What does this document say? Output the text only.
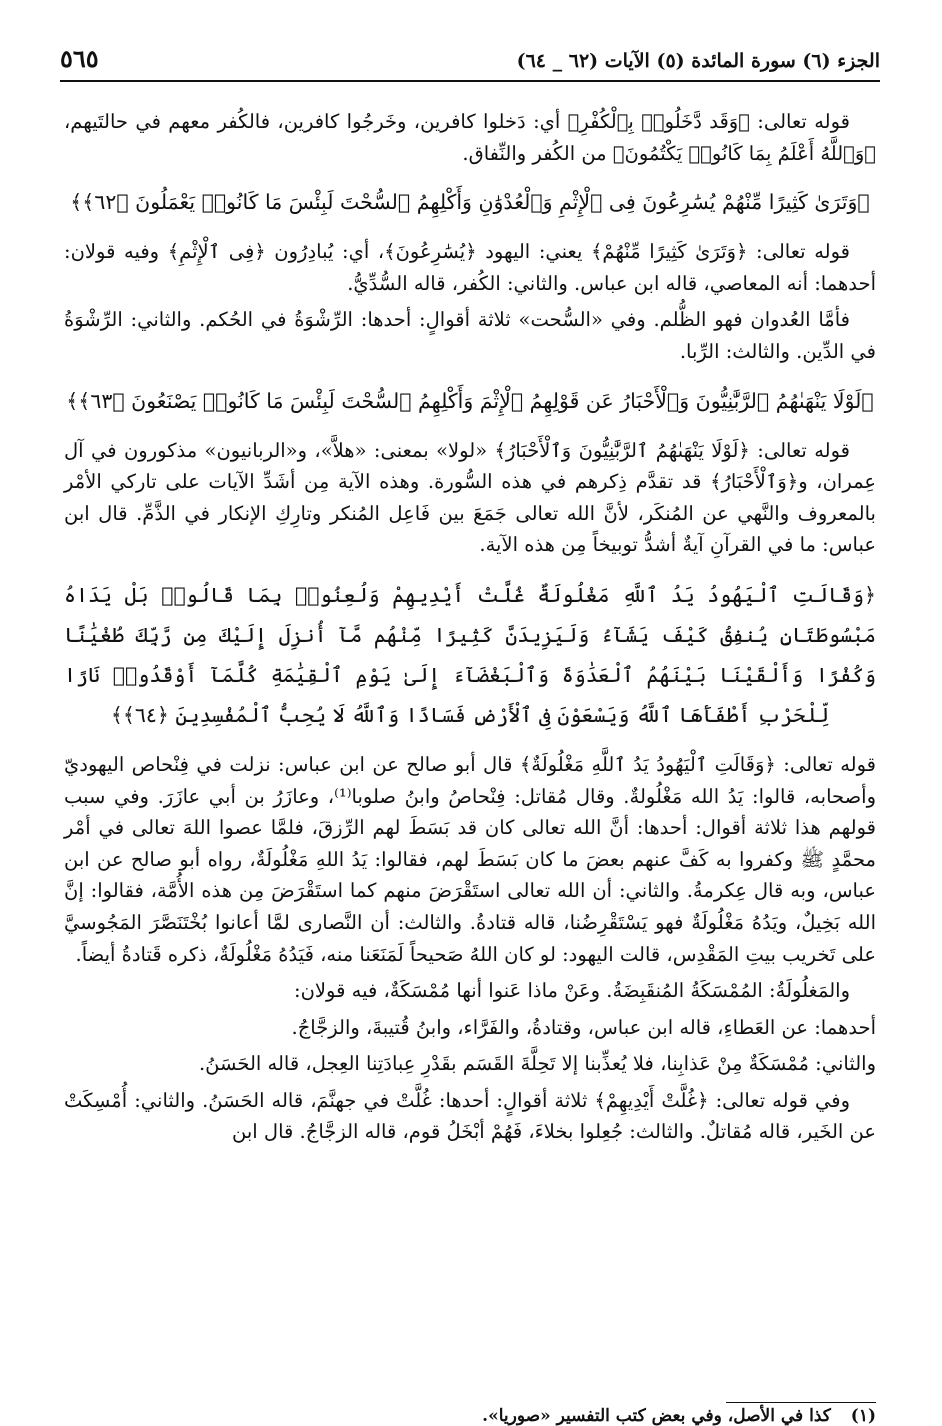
الجزء (٦) سورة المائدة (٥) الآيات (٦٢ _ ٦٤)
٥٦٥

قوله تعالى: ﴿وَقَد دَّخَلُوا۟ بِٱلْكُفْرِ﴾ أي: دَخلوا كافرين، وخَرجُوا كافرين، فالكُفر معهم في حالتَيهم، ﴿وَٱللَّهُ أَعْلَمُ بِمَا كَانُوا۟ يَكْتُمُونَ﴾ من الكُفر والنِّفاق.

﴿وَتَرَىٰ كَثِيرًا مِّنْهُمْ يُسَٰرِعُونَ فِى ٱلْإِثْمِ وَٱلْعُدْوَٰنِ وَأَكْلِهِمُ ٱلسُّحْتَ لَبِئْسَ مَا كَانُوا۟ يَعْمَلُونَ ﴿٦٢﴾﴾

قوله تعالى: ﴿وَتَرَىٰ كَثِيرًا مِّنْهُمْ﴾ يعني: اليهود ﴿يُسَٰرِعُونَ﴾، أي: يُبادِرُون ﴿فِى ٱلْإِثْمِ﴾ وفيه قولان: أحدهما: أنه المعاصي، قاله ابن عباس. والثاني: الكُفر، قاله السُّدِّيُّ.

فأمَّا العُدوان فهو الظُّلم. وفي «السُّحت» ثلاثة أقوالٍ: أحدها: الرِّشْوَةُ في الحُكم. والثاني: الرِّشْوَةُ في الدِّين. والثالث: الرِّبا.

﴿لَوْلَا يَنْهَىٰهُمُ ٱلرَّبَّٰنِيُّونَ وَٱلْأَحْبَارُ عَن قَوْلِهِمُ ٱلْإِثْمَ وَأَكْلِهِمُ ٱلسُّحْتَ لَبِئْسَ مَا كَانُوا۟ يَصْنَعُونَ ﴿٦٣﴾﴾

قوله تعالى: ﴿لَوْلَا يَنْهَىٰهُمُ ٱلرَّبَّٰنِيُّونَ وَٱلْأَحْبَارُ﴾ «لولا» بمعنى: «هلاَّ»، و«الربانيون» مذكورون في آل عِمران، و﴿وَٱلْأَحْبَارُ﴾ قد تقدَّم ذِكرهم في هذه السُّورة. وهذه الآية مِن أشَدِّ الآيات على تاركي الأمْر بالمعروف والنَّهي عن المُنكَر، لأنَّ الله تعالى جَمَعَ بين فَاعِل المُنكر وتارِكِ الإنكار في الذَّمِّ. قال ابن عباس: ما في القرآنِ آيةٌ أشدُّ توبيخاً مِن هذه الآية.

﴿وَقَالَتِ ٱلْيَهُودُ يَدُ ٱللَّهِ مَغْلُولَةٌ غُلَّتْ أَيْدِيهِمْ وَلُعِنُوا۟ بِمَا قَالُوا۟ بَلْ يَدَاهُ مَبْسُوطَتَانِ يُنفِقُ كَيْفَ يَشَآءُ وَلَيَزِيدَنَّ كَثِيرًا مِّنْهُم مَّآ أُنزِلَ إِلَيْكَ مِن رَّبِّكَ طُغْيَٰنًا وَكُفْرًا وَأَلْقَيْنَا بَيْنَهُمُ ٱلْعَدَٰوَةَ وَٱلْبَغْضَآءَ إِلَىٰ يَوْمِ ٱلْقِيَٰمَةِ كُلَّمَآ أَوْقَدُوا۟ نَارًا لِّلْحَرْبِ أَطْفَأَهَا ٱللَّهُ وَيَسْعَوْنَ فِى ٱلْأَرْضِ فَسَادًا وَٱللَّهُ لَا يُحِبُّ ٱلْمُفْسِدِينَ ﴿٦٤﴾﴾

قوله تعالى: ﴿وَقَالَتِ ٱلْيَهُودُ يَدُ ٱللَّهِ مَغْلُولَةٌ﴾ قال أبو صالح عن ابن عباس: نزلت في فِنْحاص اليهوديّ وأصحابه، قالوا: يَدُ الله مَغْلُولةٌ. وقال مُقاتل: فِنْحاصُ وابنُ صلوبا⁽¹⁾، وعازَرُ بن أبي عازَرَ. وفي سبب قولهم هذا ثلاثة أقوال: أحدها: أنَّ الله تعالى كان قد بَسَطَ لهم الرِّزقَ، فلمَّا عصوا اللهَ تعالى في أمْر محمَّدٍ ﷺ وكفروا به كَفَّ عنهم بعضَ ما كان بَسَطَ لهم، فقالوا: يَدُ اللهِ مَغْلُولَةٌ، رواه أبو صالح عن ابن عباس، وبه قال عِكرمةُ. والثاني: أن الله تعالى استَقْرَضَ منهم كما استَقْرَضَ مِن هذه الأُمَّة، فقالوا: إنَّ الله بَخِيلٌ، ويَدُهُ مَغْلُولَةٌ فهو يَسْتَقْرِضُنا، قاله قتادةُ. والثالث: أن النَّصارى لمَّا أعانوا بُخْتَنَصَّرَ المَجُوسيَّ على تَخريب بيتِ المَقْدِس، قالت اليهود: لو كان اللهُ صَحيحاً لَمَنَعَنا منه، فَيَدُهُ مَغْلُولَةٌ، ذكره قَتادةُ أيضاً.

والمَغلُولَةُ: المُمْسَكَةُ المُنقَبِضَةُ. وعَنْ ماذا عَنوا أنها مُمْسَكَةٌ، فيه قولان:

أحدهما: عن العَطاءِ، قاله ابن عباس، وقتادةُ، والفَرَّاء، وابنُ قُتيبةَ، والزجَّاجُ.

والثاني: مُمْسَكَةٌ مِنْ عَذابِنا، فلا يُعذِّبنا إلا تَحِلَّةَ القَسَم بقَدْرِ عِبادَتِنا العِجل، قاله الحَسَنُ.

وفي قوله تعالى: ﴿غُلَّتْ أَيْدِيهِمْ﴾ ثلاثة أقوالٍ: أحدها: غُلَّتْ في جهنَّمَ، قاله الحَسَنُ. والثاني: أُمْسِكَتْ عن الخَير، قاله مُقاتلٌ. والثالث: جُعِلوا بخلاءَ، فَهُمْ أبْخَلُ قوم، قاله الزجَّاجُ. قال ابن

(١) كذا في الأصل، وفي بعض كتب التفسير «صوريا».
